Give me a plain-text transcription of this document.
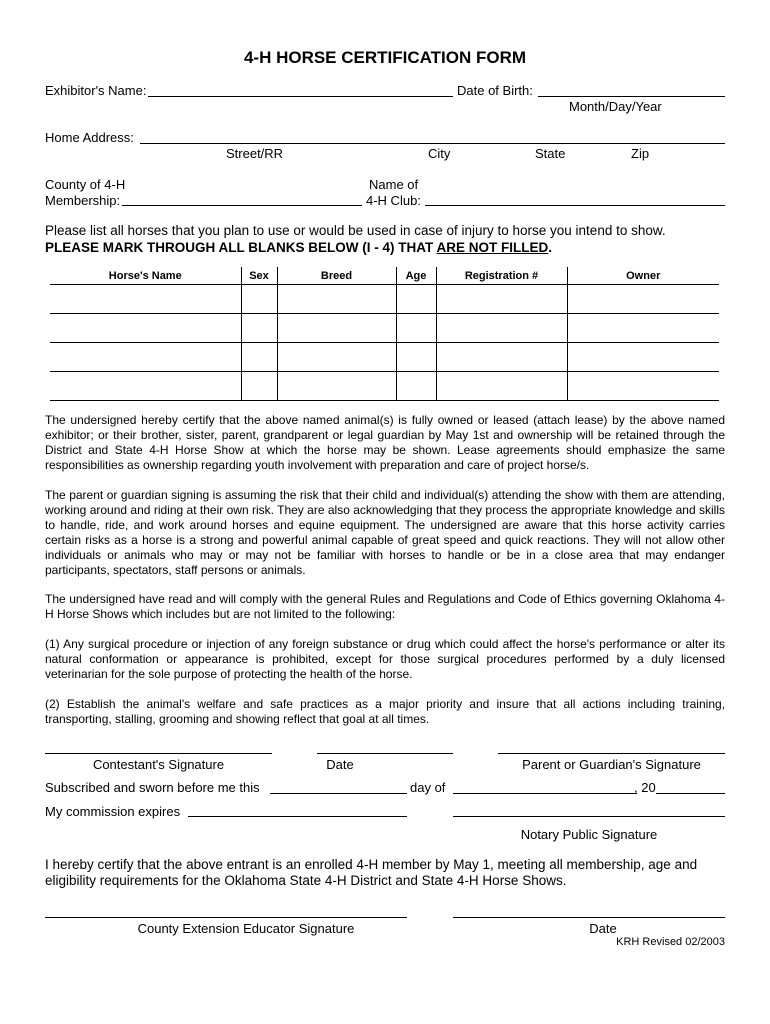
4-H HORSE CERTIFICATION FORM
Exhibitor's Name:	Date of Birth:
Month/Day/Year
Home Address:
Street/RR	City	State	Zip
County of 4-H
Membership:
Name of
4-H Club:
Please list all horses that you plan to use or would be used in case of injury to horse you intend to show.
PLEASE MARK THROUGH ALL BLANKS BELOW (I - 4) THAT ARE NOT FILLED.
Horse's Name	Sex	Breed	Age	Registration #	Owner

The undersigned hereby certify that the above named animal(s) is fully owned or leased (attach lease) by the above named exhibitor; or their brother, sister, parent, grandparent or legal guardian by May 1st and ownership will be retained through the District and State 4-H Horse Show at which the horse may be shown. Lease agreements should emphasize the same responsibilities as ownership regarding youth involvement with preparation and care of project horse/s.
The parent or guardian signing is assuming the risk that their child and individual(s) attending the show with them are attending, working around and riding at their own risk. They are also acknowledging that they process the appropriate knowledge and skills to handle, ride, and work around horses and equine equipment. The undersigned are aware that this horse activity carries certain risks as a horse is a strong and powerful animal capable of great speed and quick reactions. They will not allow other individuals or animals who may or may not be familiar with horses to handle or be in a close area that may endanger participants, spectators, staff persons or animals.
The undersigned have read and will comply with the general Rules and Regulations and Code of Ethics governing Oklahoma 4-H Horse Shows which includes but are not limited to the following:
(1) Any surgical procedure or injection of any foreign substance or drug which could affect the horse's performance or alter its natural conformation or appearance is prohibited, except for those surgical procedures performed by a duly licensed veterinarian for the sole purpose of protecting the health of the horse.
(2) Establish the animal's welfare and safe practices as a major priority and insure that all actions including training, transporting, stalling, grooming and showing reflect that goal at all times.
Contestant's Signature	Date	Parent or Guardian's Signature
Subscribed and sworn before me this	day of	, 20
My commission expires
Notary Public Signature
I hereby certify that the above entrant is an enrolled 4-H member by May 1, meeting all membership, age and eligibility requirements for the Oklahoma State 4-H District and State 4-H Horse Shows.
County Extension Educator Signature	Date
KRH Revised 02/2003
